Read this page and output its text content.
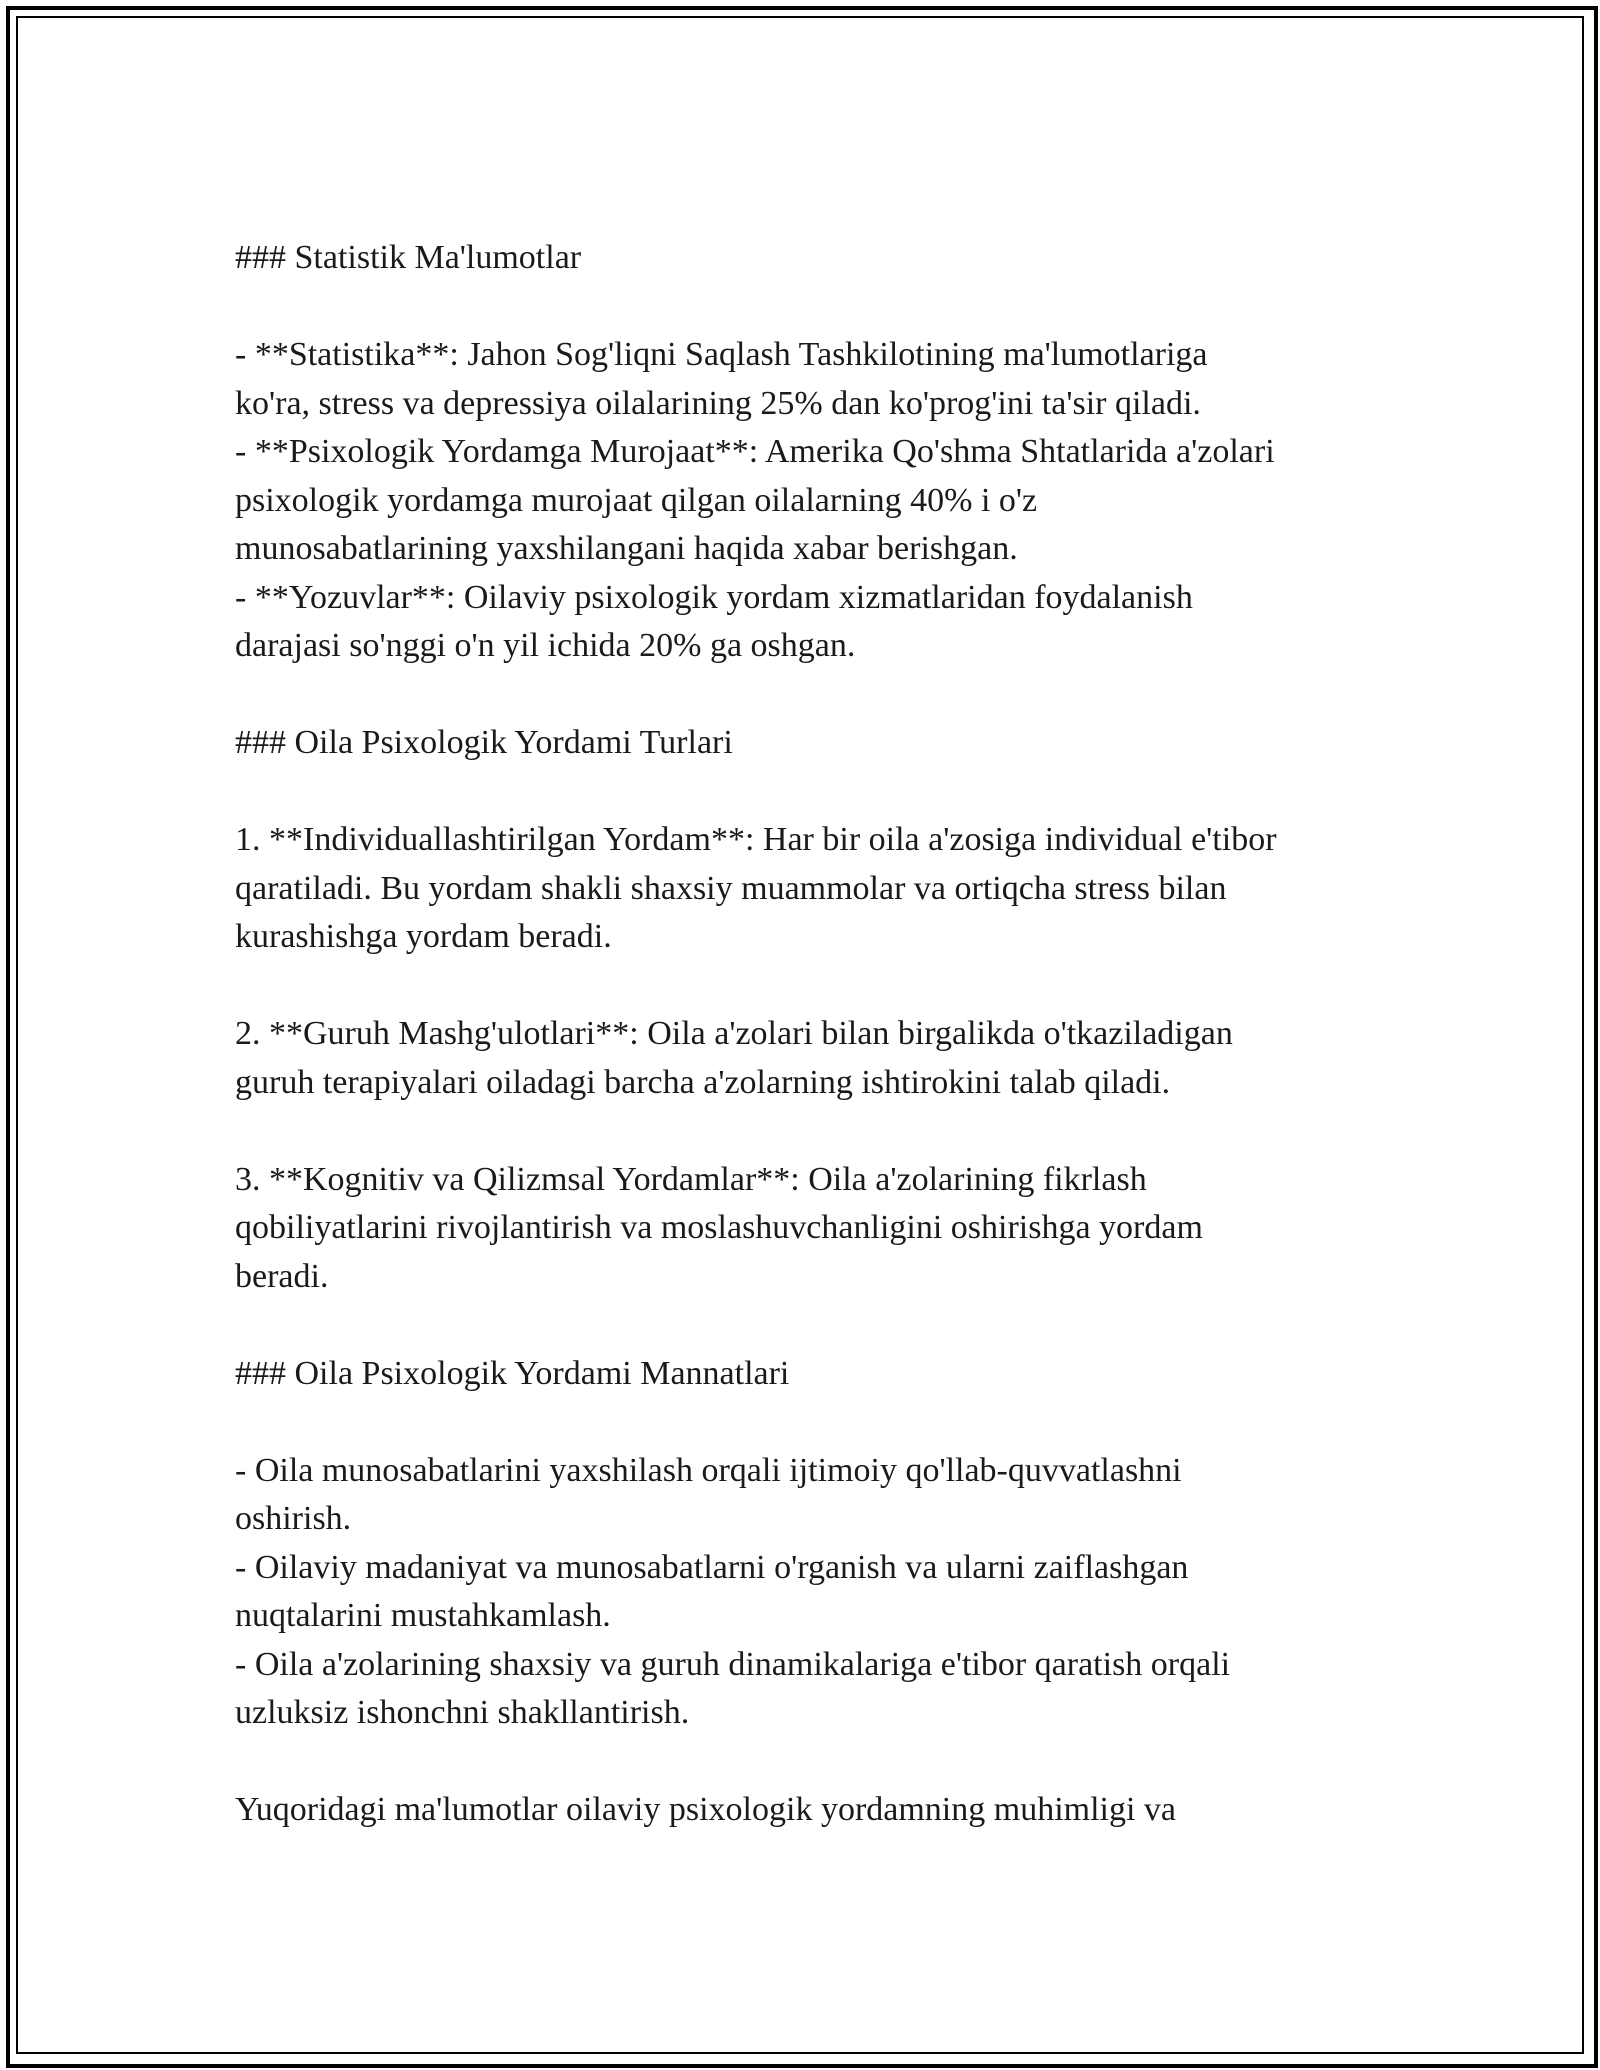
### Statistik Ma'lumotlar
- **Statistika**: Jahon Sog'liqni Saqlash Tashkilotining ma'lumotlariga
ko'ra, stress va depressiya oilalarining 25% dan ko'prog'ini ta'sir qiladi.
- **Psixologik Yordamga Murojaat**: Amerika Qo'shma Shtatlarida a'zolari
psixologik yordamga murojaat qilgan oilalarning 40% i o'z
munosabatlarining yaxshilangani haqida xabar berishgan.
- **Yozuvlar**: Oilaviy psixologik yordam xizmatlaridan foydalanish
darajasi so'nggi o'n yil ichida 20% ga oshgan.
### Oila Psixologik Yordami Turlari
1. **Individuallashtirilgan Yordam**: Har bir oila a'zosiga individual e'tibor
qaratiladi. Bu yordam shakli shaxsiy muammolar va ortiqcha stress bilan
kurashishga yordam beradi.
2. **Guruh Mashg'ulotlari**: Oila a'zolari bilan birgalikda o'tkaziladigan
guruh terapiyalari oiladagi barcha a'zolarning ishtirokini talab qiladi.
3. **Kognitiv va Qilizmsal Yordamlar**: Oila a'zolarining fikrlash
qobiliyatlarini rivojlantirish va moslashuvchanligini oshirishga yordam
beradi.
### Oila Psixologik Yordami Mannatlari
- Oila munosabatlarini yaxshilash orqali ijtimoiy qo'llab-quvvatlashni
oshirish.
- Oilaviy madaniyat va munosabatlarni o'rganish va ularni zaiflashgan
nuqtalarini mustahkamlash.
- Oila a'zolarining shaxsiy va guruh dinamikalariga e'tibor qaratish orqali
uzluksiz ishonchni shakllantirish.
Yuqoridagi ma'lumotlar oilaviy psixologik yordamning muhimligi va
